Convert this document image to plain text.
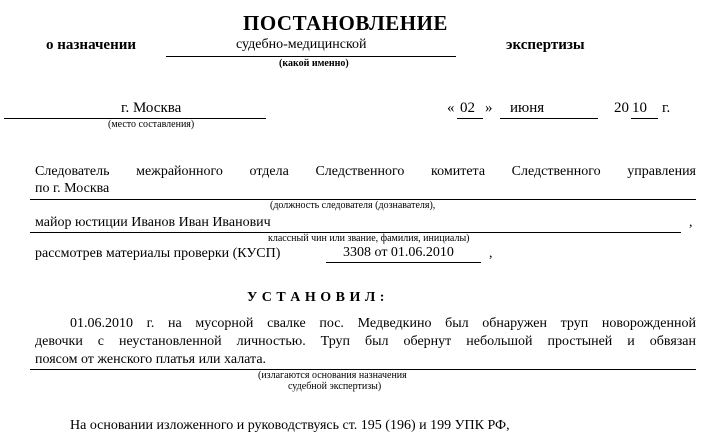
ПОСТАНОВЛЕНИЕ
о назначении	судебно-медицинской
(какой именно)
экспертизы
г. Москва
(место составления)
« 02 » июня	20 10 г.
Следователь межрайонного отдела Следственного комитета Следственного управления
по г. Москва
(должность следователя (дознавателя),
майор юстиции Иванов Иван Иванович	,
классный чин или звание, фамилия, инициалы)
рассмотрев материалы проверки (КУСП)	3308 от 01.06.2010	,
У С Т А Н О В И Л :
01.06.2010 г. на мусорной свалке пос. Медведкино был обнаружен труп новорожденной
девочки с неустановленной личностью. Труп был обернут небольшой простыней и обвязан
поясом от женского платья или халата.
(излагаются основания назначения
судебной экспертизы)
На основании изложенного и руководствуясь ст. 195 (196) и 199 УПК РФ,
